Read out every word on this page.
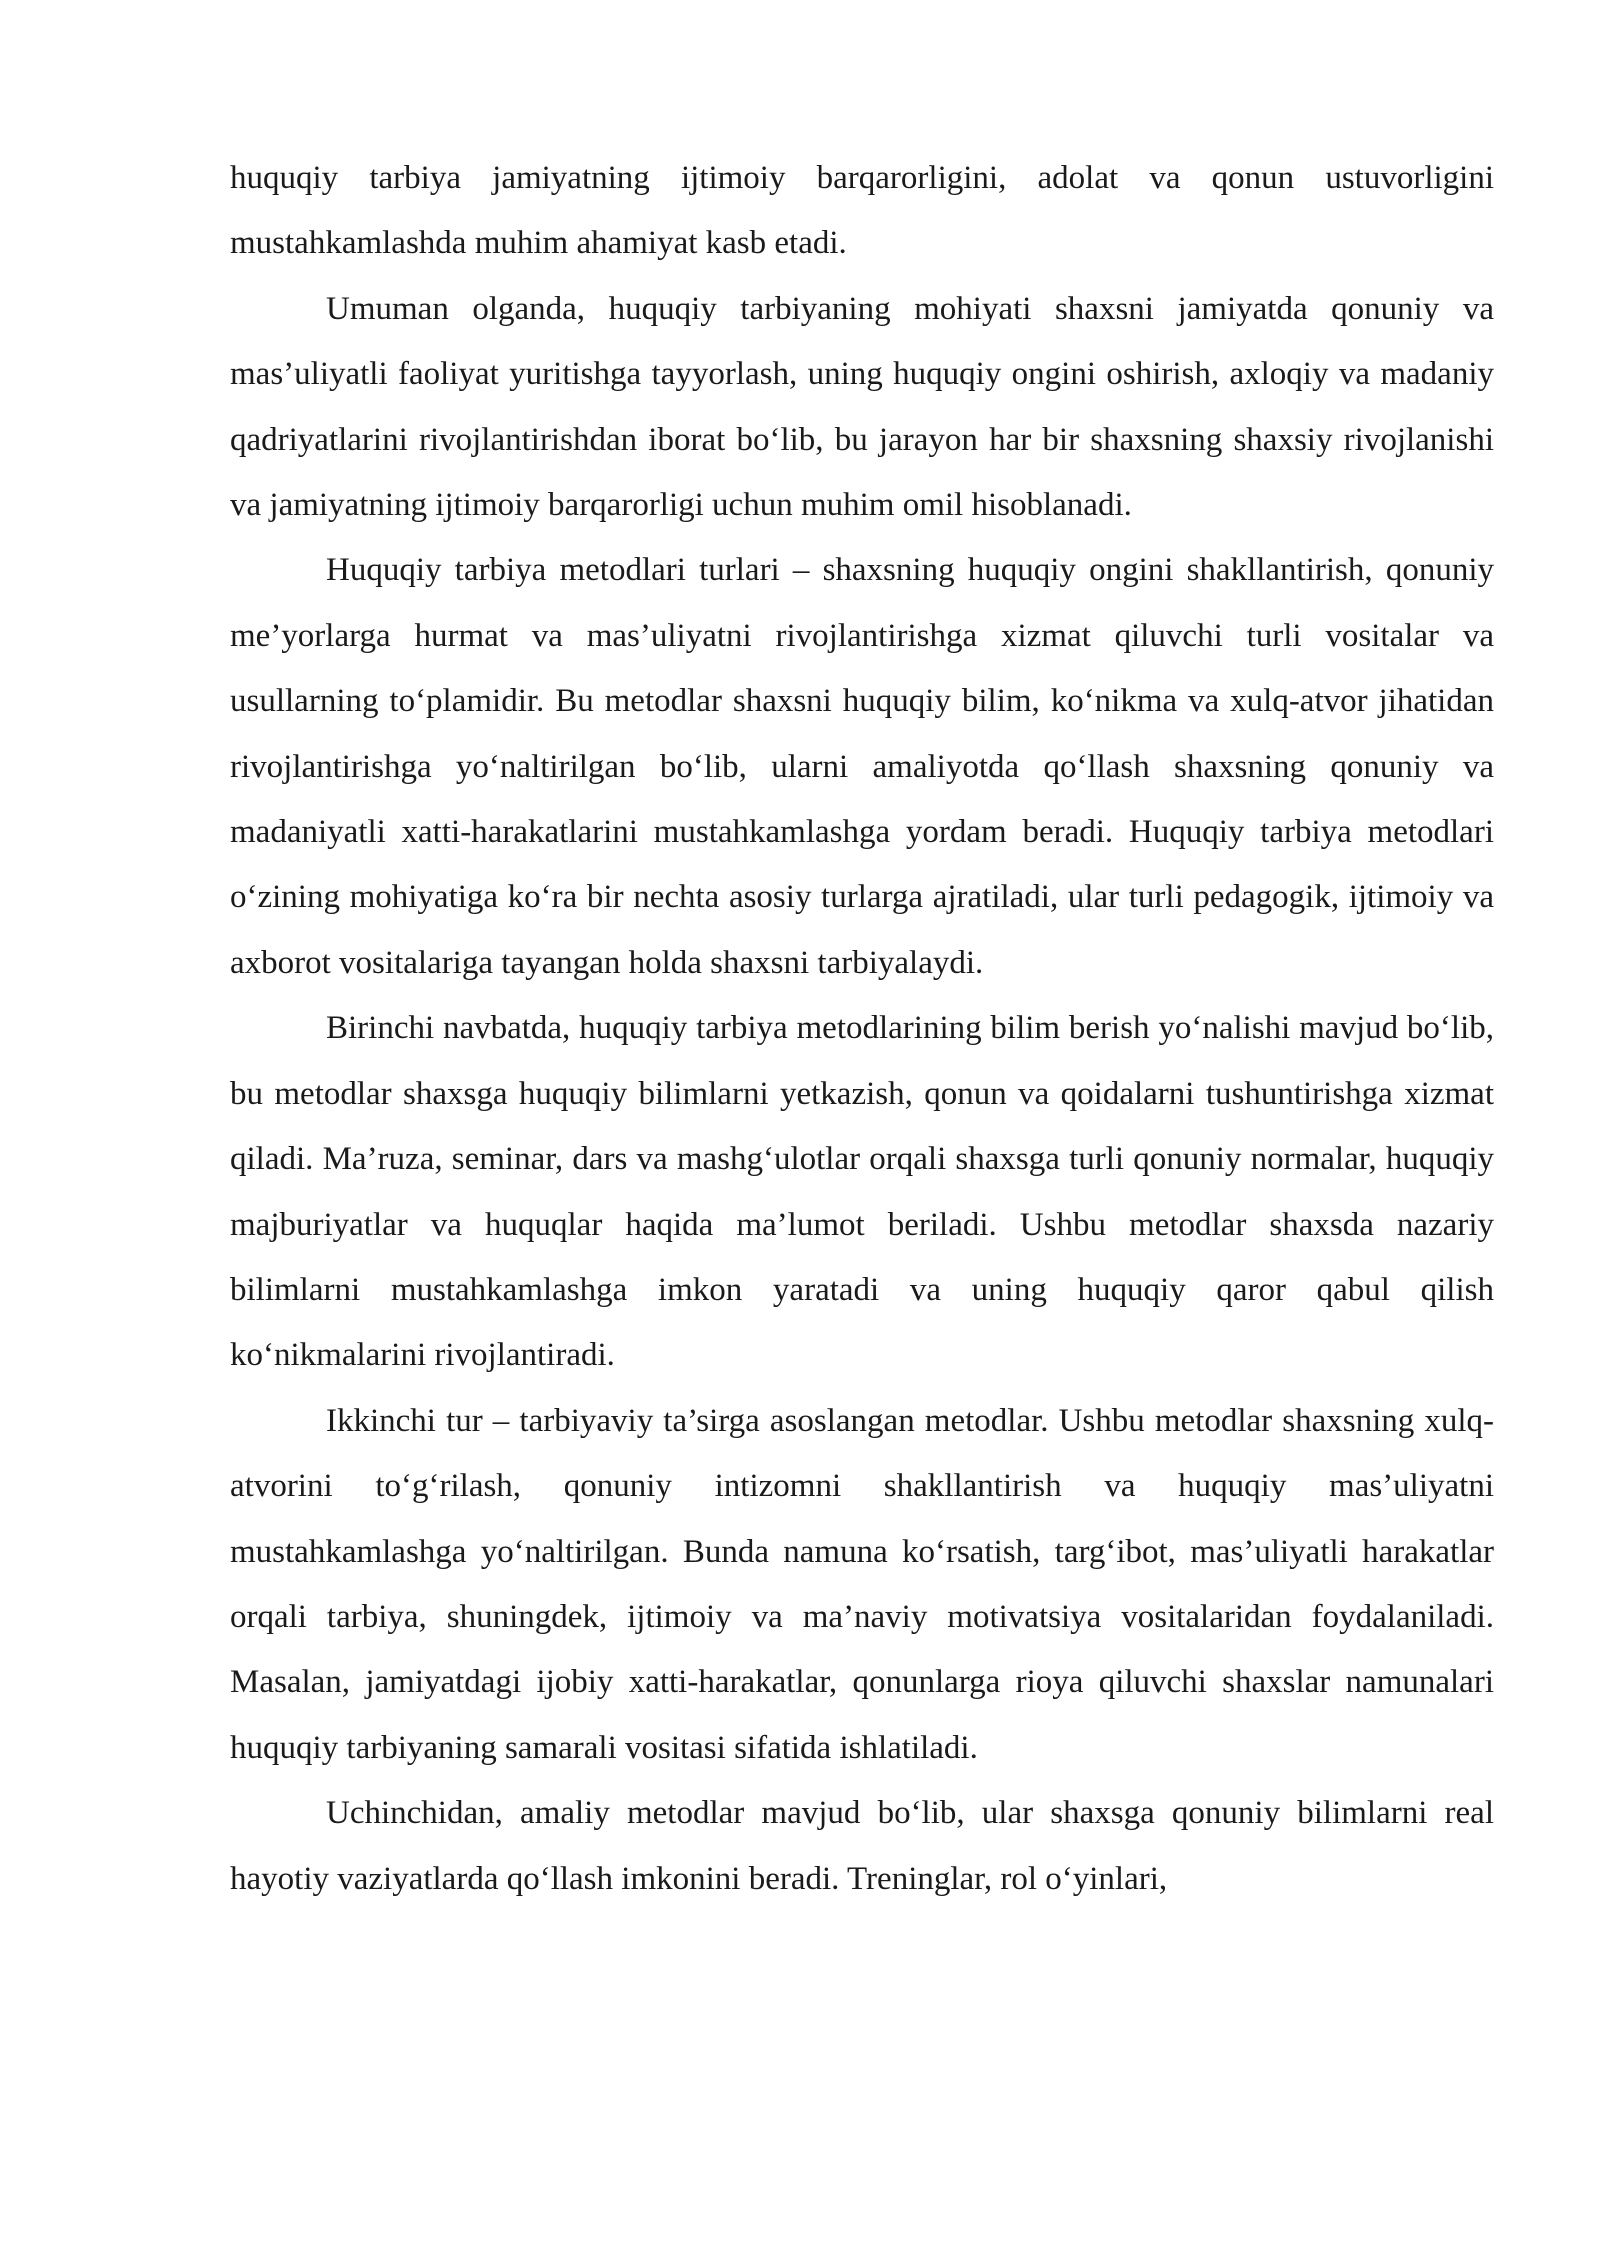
huquqiy tarbiya jamiyatning ijtimoiy barqarorligini, adolat va qonun ustuvorligini mustahkamlashda muhim ahamiyat kasb etadi.

Umuman olganda, huquqiy tarbiyaning mohiyati shaxsni jamiyatda qonuniy va mas’uliyatli faoliyat yuritishga tayyorlash, uning huquqiy ongini oshirish, axloqiy va madaniy qadriyatlarini rivojlantirishdan iborat bo‘lib, bu jarayon har bir shaxsning shaxsiy rivojlanishi va jamiyatning ijtimoiy barqarorligi uchun muhim omil hisoblanadi.

Huquqiy tarbiya metodlari turlari – shaxsning huquqiy ongini shakllantirish, qonuniy me’yorlarga hurmat va mas’uliyatni rivojlantirishga xizmat qiluvchi turli vositalar va usullarning to‘plamidir. Bu metodlar shaxsni huquqiy bilim, ko‘nikma va xulq-atvor jihatidan rivojlantirishga yo‘naltirilgan bo‘lib, ularni amaliyotda qo‘llash shaxsning qonuniy va madaniyatli xatti-harakatlarini mustahkamlashga yordam beradi. Huquqiy tarbiya metodlari o‘zining mohiyatiga ko‘ra bir nechta asosiy turlarga ajratiladi, ular turli pedagogik, ijtimoiy va axborot vositalariga tayangan holda shaxsni tarbiyalaydi.

Birinchi navbatda, huquqiy tarbiya metodlarining bilim berish yo‘nalishi mavjud bo‘lib, bu metodlar shaxsga huquqiy bilimlarni yetkazish, qonun va qoidalarni tushuntirishga xizmat qiladi. Ma’ruza, seminar, dars va mashg‘ulotlar orqali shaxsga turli qonuniy normalar, huquqiy majburiyatlar va huquqlar haqida ma’lumot beriladi. Ushbu metodlar shaxsda nazariy bilimlarni mustahkamlashga imkon yaratadi va uning huquqiy qaror qabul qilish ko‘nikmalarini rivojlantiradi.

Ikkinchi tur – tarbiyaviy ta’sirga asoslangan metodlar. Ushbu metodlar shaxsning xulq-atvorini to‘g‘rilash, qonuniy intizomni shakllantirish va huquqiy mas’uliyatni mustahkamlashga yo‘naltirilgan. Bunda namuna ko‘rsatish, targ‘ibot, mas’uliyatli harakatlar orqali tarbiya, shuningdek, ijtimoiy va ma’naviy motivatsiya vositalaridan foydalaniladi. Masalan, jamiyatdagi ijobiy xatti-harakatlar, qonunlarga rioya qiluvchi shaxslar namunalari huquqiy tarbiyaning samarali vositasi sifatida ishlatiladi.

Uchinchidan, amaliy metodlar mavjud bo‘lib, ular shaxsga qonuniy bilimlarni real hayotiy vaziyatlarda qo‘llash imkonini beradi. Treninglar, rol o‘yinlari,
